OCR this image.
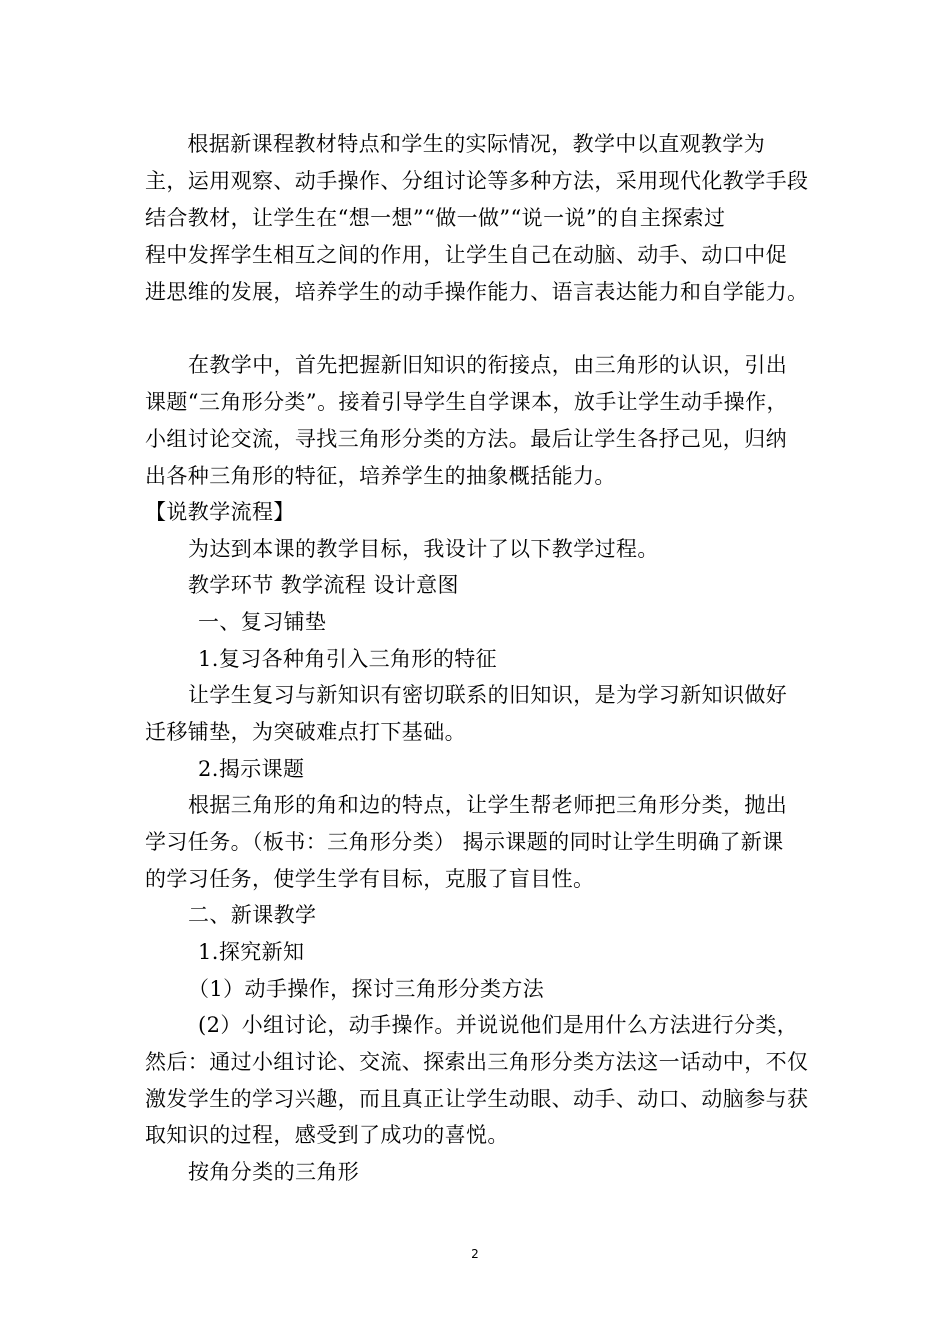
　根据新课程教材特点和学生的实际情况，教学中以直观教学为
主，运用观察、动手操作、分组讨论等多种方法，采用现代化教学手段
结合教材，让学生在“想一想”“做一做”“说一说”的自主探索过
程中发挥学生相互之间的作用，让学生自己在动脑、动手、动口中促
进思维的发展，培养学生的动手操作能力、语言表达能力和自学能力。
在教学中，首先把握新旧知识的衔接点，由三角形的认识，引出
课题“三角形分类”。接着引导学生自学课本，放手让学生动手操作，
小组讨论交流，寻找三角形分类的方法。最后让学生各抒己见，归纳
出各种三角形的特征，培养学生的抽象概括能力。
【说教学流程】
为达到本课的教学目标，我设计了以下教学过程。
教学环节 教学流程 设计意图
一、复习铺垫
1.复习各种角引入三角形的特征
让学生复习与新知识有密切联系的旧知识，是为学习新知识做好
迁移铺垫，为突破难点打下基础。
2.揭示课题
根据三角形的角和边的特点，让学生帮老师把三角形分类，抛出
学习任务。（板书：三角形分类） 揭示课题的同时让学生明确了新课
的学习任务，使学生学有目标，克服了盲目性。
二、新课教学
1.探究新知
（1）动手操作，探讨三角形分类方法
(2）小组讨论，动手操作。并说说他们是用什么方法进行分类，
然后：通过小组讨论、交流、探索出三角形分类方法这一话动中，不仅
激发学生的学习兴趣，而且真正让学生动眼、动手、动口、动脑参与获
取知识的过程，感受到了成功的喜悦。
按角分类的三角形
2
